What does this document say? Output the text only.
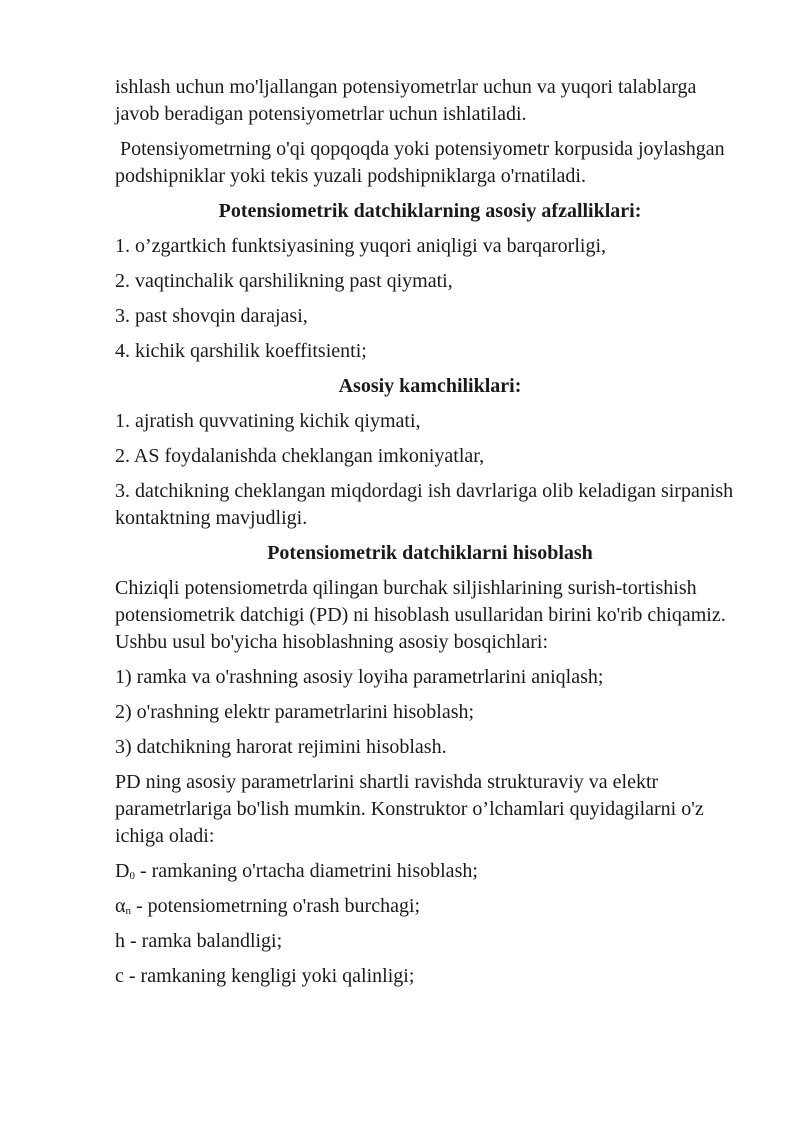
ishlash uchun mo'ljallangan potensiyometrlar uchun va yuqori talablarga javob beradigan potensiyometrlar uchun ishlatiladi.

Potensiyometrning o'qi qopqoqda yoki potensiyometr korpusida joylashgan podshipniklar yoki tekis yuzali podshipniklarga o'rnatiladi.

Potensiometrik datchiklarning asosiy afzalliklari:

1. o’zgartkich funktsiyasining yuqori aniqligi va barqarorligi,

2. vaqtinchalik qarshilikning past qiymati,

3. past shovqin darajasi,

4. kichik qarshilik koeffitsienti;

Asosiy kamchiliklari:

1. ajratish quvvatining kichik qiymati,

2. AS foydalanishda cheklangan imkoniyatlar,

3. datchikning cheklangan miqdordagi ish davrlariga olib keladigan sirpanish kontaktning mavjudligi.

Potensiometrik datchiklarni hisoblash

Chiziqli potensiometrda qilingan burchak siljishlarining surish-tortishish potensiometrik datchigi (PD) ni hisoblash usullaridan birini ko'rib chiqamiz. Ushbu usul bo'yicha hisoblashning asosiy bosqichlari:

1) ramka va o'rashning asosiy loyiha parametrlarini aniqlash;

2) o'rashning elektr parametrlarini hisoblash;

3) datchikning harorat rejimini hisoblash.

PD ning asosiy parametrlarini shartli ravishda strukturaviy va elektr parametrlariga bo'lish mumkin. Konstruktor o’lchamlari quyidagilarni o'z ichiga oladi:

$D_0$ - ramkaning o'rtacha diametrini hisoblash;

$\alpha_n$ - potensiometrning o'rash burchagi;

h - ramka balandligi;

c - ramkaning kengligi yoki qalinligi;
